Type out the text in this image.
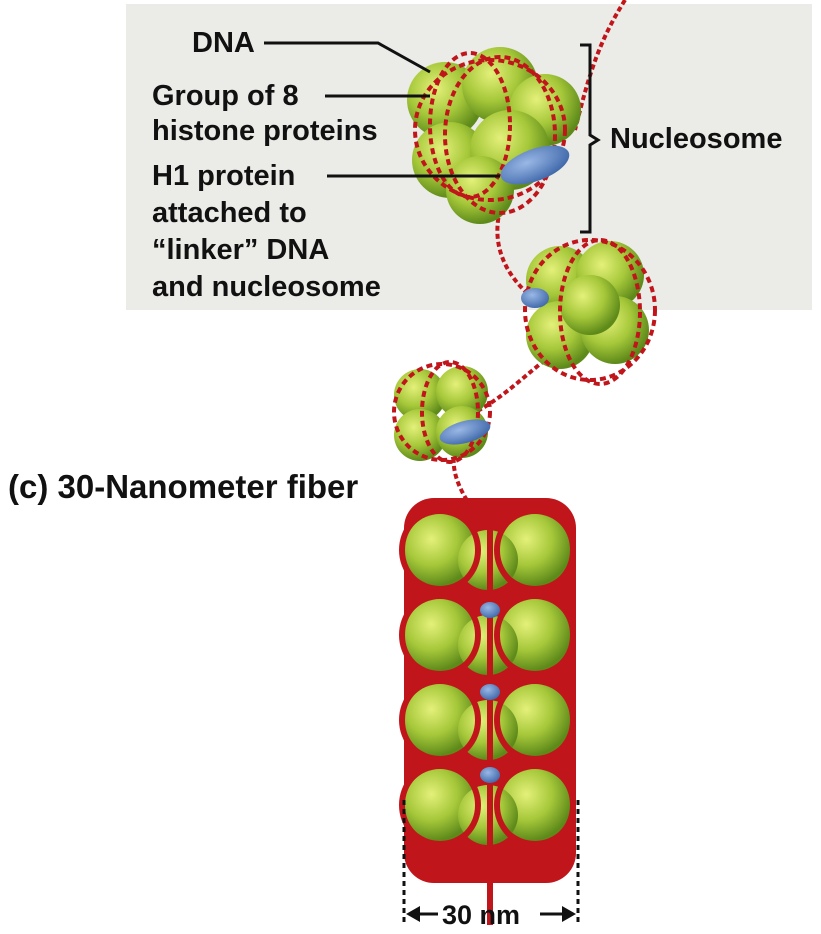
DNA
Group of 8
histone proteins
H1 protein
attached to
“linker” DNA
and nucleosome
Nucleosome
(c) 30-Nanometer fiber
30 nm
